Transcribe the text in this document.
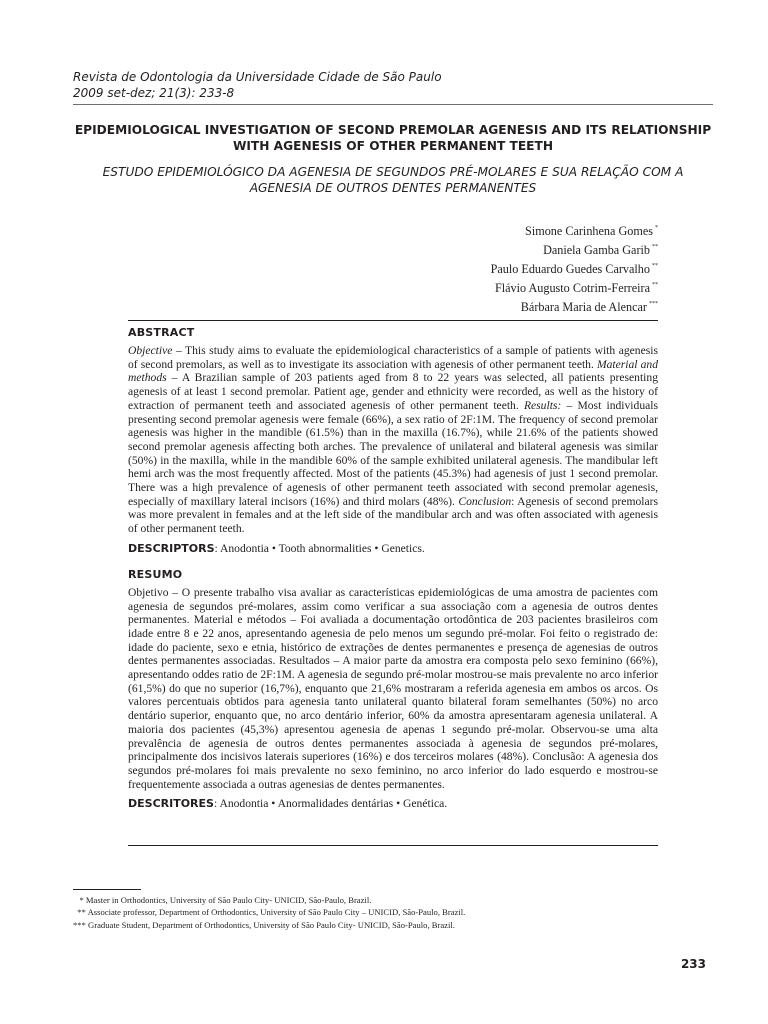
Revista de Odontologia da Universidade Cidade de São Paulo
2009 set-dez; 21(3): 233-8
EPIDEMIOLOGICAL INVESTIGATION OF SECOND PREMOLAR AGENESIS AND ITS RELATIONSHIP WITH AGENESIS OF OTHER PERMANENT TEETH
ESTUDO EPIDEMIOLÓGICO DA AGENESIA DE SEGUNDOS PRÉ-MOLARES E SUA RELAÇÃO COM A AGENESIA DE OUTROS DENTES PERMANENTES
Simone Carinhena Gomes *
Daniela Gamba Garib **
Paulo Eduardo Guedes Carvalho **
Flávio Augusto Cotrim-Ferreira **
Bárbara Maria de Alencar ***
ABSTRACT
Objective – This study aims to evaluate the epidemiological characteristics of a sample of patients with agenesis of second premolars, as well as to investigate its association with agenesis of other permanent teeth. Material and methods – A Brazilian sample of 203 patients aged from 8 to 22 years was selected, all patients presenting agenesis of at least 1 second premolar. Patient age, gender and ethnicity were recorded, as well as the history of extraction of permanent teeth and associated agenesis of other permanent teeth. Results: – Most individuals presenting second premolar agenesis were female (66%), a sex ratio of 2F:1M. The frequency of second premolar agenesis was higher in the mandible (61.5%) than in the maxilla (16.7%), while 21.6% of the patients showed second premolar agenesis affecting both arches. The prevalence of unilateral and bilateral agenesis was similar (50%) in the maxilla, while in the mandible 60% of the sample exhibited unilateral agenesis. The mandibular left hemi arch was the most frequently affected. Most of the patients (45.3%) had agenesis of just 1 second premolar. There was a high prevalence of agenesis of other permanent teeth associated with second premolar agenesis, especially of maxillary lateral incisors (16%) and third molars (48%). Conclusion: Agenesis of second premolars was more prevalent in females and at the left side of the mandibular arch and was often associated with agenesis of other permanent teeth.
DESCRIPTORS: Anodontia • Tooth abnormalities • Genetics.
RESUMO
Objetivo – O presente trabalho visa avaliar as características epidemiológicas de uma amostra de pacientes com agenesia de segundos pré-molares, assim como verificar a sua associação com a agenesia de outros dentes permanentes. Material e métodos – Foi avaliada a documentação ortodôntica de 203 pacientes brasileiros com idade entre 8 e 22 anos, apresentando agenesia de pelo menos um segundo pré-molar. Foi feito o registrado de: idade do paciente, sexo e etnia, histórico de extrações de dentes permanentes e presença de agenesias de outros dentes permanentes associadas. Resultados – A maior parte da amostra era composta pelo sexo feminino (66%), apresentando oddes ratio de 2F:1M. A agenesia de segundo pré-molar mostrou-se mais prevalente no arco inferior (61,5%) do que no superior (16,7%), enquanto que 21,6% mostraram a referida agenesia em ambos os arcos. Os valores percentuais obtidos para agenesia tanto unilateral quanto bilateral foram semelhantes (50%) no arco dentário superior, enquanto que, no arco dentário inferior, 60% da amostra apresentaram agenesia unilateral. A maioria dos pacientes (45,3%) apresentou agenesia de apenas 1 segundo pré-molar. Observou-se uma alta prevalência de agenesia de outros dentes permanentes associada à agenesia de segundos pré-molares, principalmente dos incisivos laterais superiores (16%) e dos terceiros molares (48%). Conclusão: A agenesia dos segundos pré-molares foi mais prevalente no sexo feminino, no arco inferior do lado esquerdo e mostrou-se frequentemente associada a outras agenesias de dentes permanentes.
DESCRITORES: Anodontia • Anormalidades dentárias • Genética.
* Master in Orthodontics, University of São Paulo City- UNICID, São-Paulo, Brazil.
** Associate professor, Department of Orthodontics, University of São Paulo City – UNICID, São-Paulo, Brazil.
*** Graduate Student, Department of Orthodontics, University of São Paulo City- UNICID, São-Paulo, Brazil.
233
